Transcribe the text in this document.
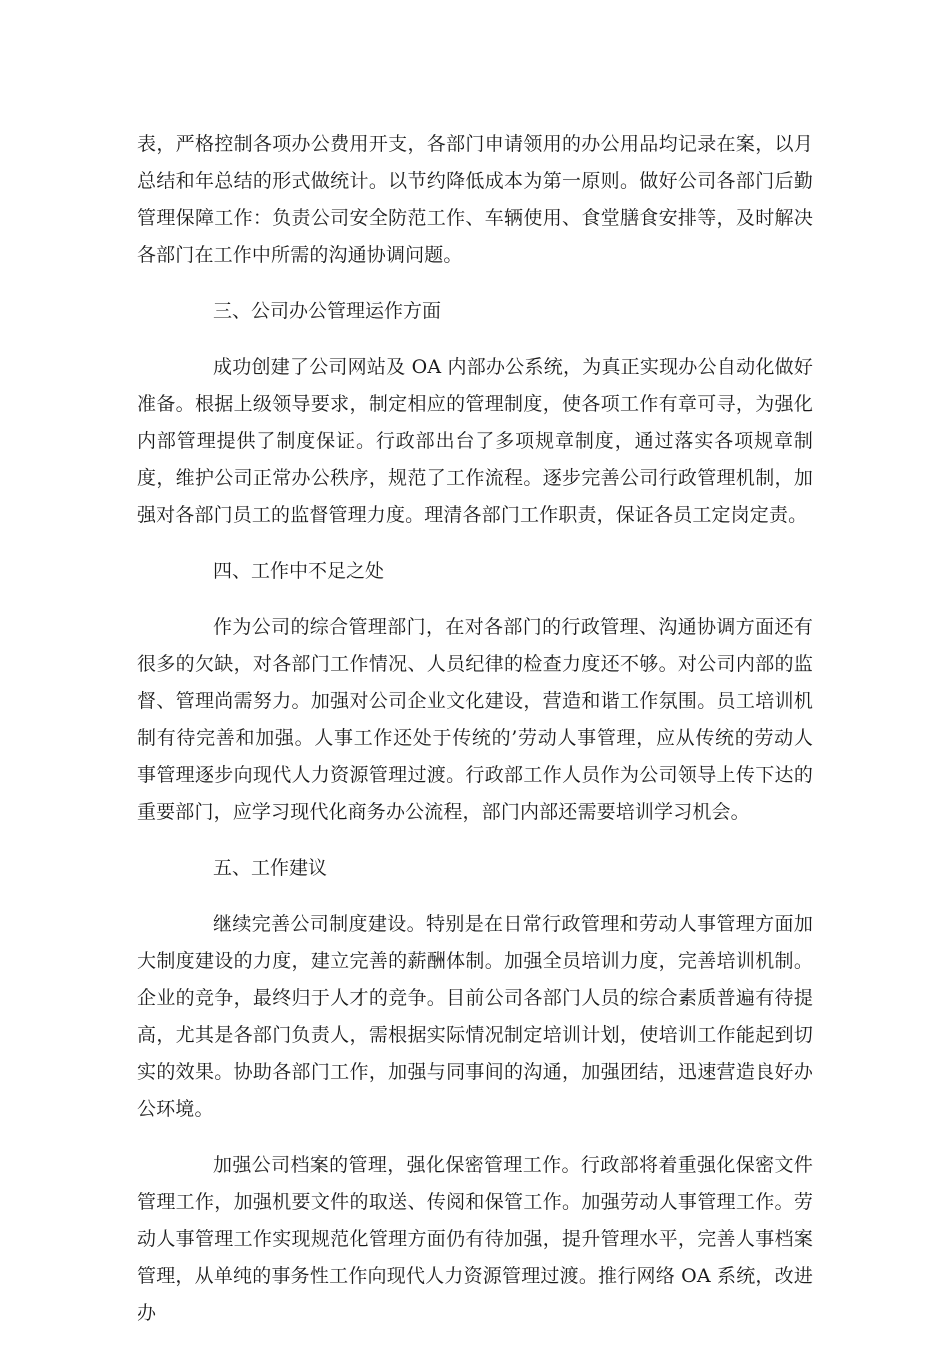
表，严格控制各项办公费用开支，各部门申请领用的办公用品均记录在案，以月总结和年总结的形式做统计。以节约降低成本为第一原则。做好公司各部门后勤管理保障工作：负责公司安全防范工作、车辆使用、食堂膳食安排等，及时解决各部门在工作中所需的沟通协调问题。

三、公司办公管理运作方面

成功创建了公司网站及 OA 内部办公系统，为真正实现办公自动化做好准备。根据上级领导要求，制定相应的管理制度，使各项工作有章可寻，为强化内部管理提供了制度保证。行政部出台了多项规章制度，通过落实各项规章制度，维护公司正常办公秩序，规范了工作流程。逐步完善公司行政管理机制，加强对各部门员工的监督管理力度。理清各部门工作职责，保证各员工定岗定责。

四、工作中不足之处

作为公司的综合管理部门，在对各部门的行政管理、沟通协调方面还有很多的欠缺，对各部门工作情况、人员纪律的检查力度还不够。对公司内部的监督、管理尚需努力。加强对公司企业文化建设，营造和谐工作氛围。员工培训机制有待完善和加强。人事工作还处于传统的’劳动人事管理，应从传统的劳动人事管理逐步向现代人力资源管理过渡。行政部工作人员作为公司领导上传下达的重要部门，应学习现代化商务办公流程，部门内部还需要培训学习机会。

五、工作建议

继续完善公司制度建设。特别是在日常行政管理和劳动人事管理方面加大制度建设的力度，建立完善的薪酬体制。加强全员培训力度，完善培训机制。企业的竞争，最终归于人才的竞争。目前公司各部门人员的综合素质普遍有待提高，尤其是各部门负责人，需根据实际情况制定培训计划，使培训工作能起到切实的效果。协助各部门工作，加强与同事间的沟通，加强团结，迅速营造良好办公环境。

加强公司档案的管理，强化保密管理工作。行政部将着重强化保密文件管理工作，加强机要文件的取送、传阅和保管工作。加强劳动人事管理工作。劳动人事管理工作实现规范化管理方面仍有待加强，提升管理水平，完善人事档案管理，从单纯的事务性工作向现代人力资源管理过渡。推行网络 OA 系统，改进办
